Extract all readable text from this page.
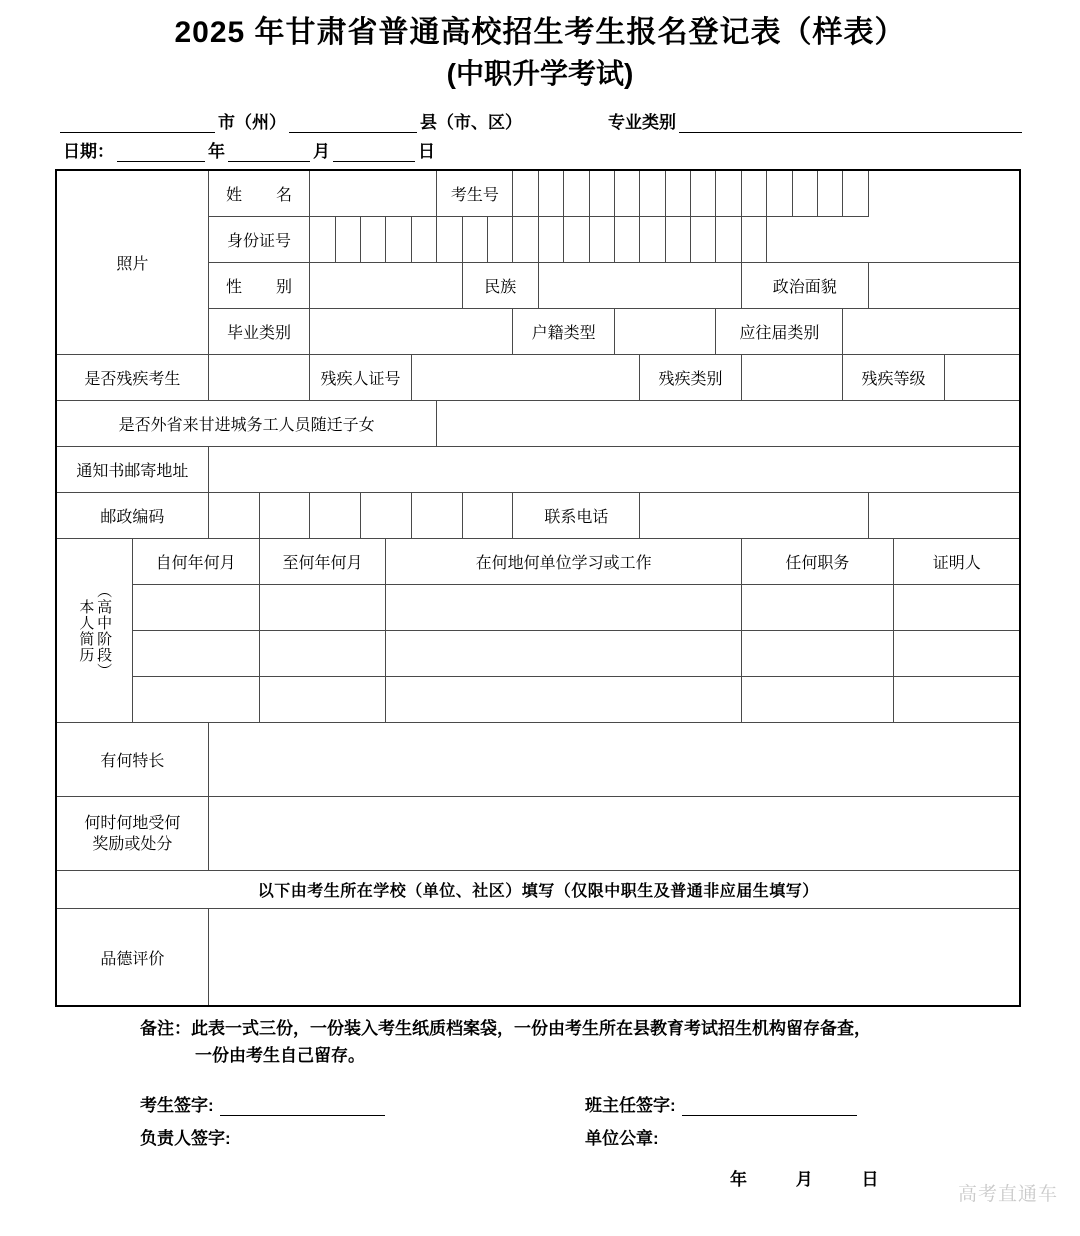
2025 年甘肃省普通高校招生考生报名登记表（样表）
(中职升学考试)
市（州）	县（市、区）	专业类别
日期：	年	月	日
照片		姓　名							考生号																			
		身份证号																										
		性　别								民族											政治面貌							
		毕业类别										户籍类型								应往届类别								
是否残疾考生				残疾人证号													残疾类别								残疾等级			
是否外省来甘进城务工人员随迁子女																												
通知书邮寄地址																												
邮政编码												联系电话																

（高中阶段）
本人简历	自何年何月		至何年何月				在何地何单位学习或工作														任何职务						证明人	

有何特长																												

何时何地受何
奖励或处分																												

以下由考生所在学校（单位、社区）填写（仅限中职生及普通非应届生填写）																												
品德评价																												
备注：此表一式三份，一份装入考生纸质档案袋，一份由考生所在县教育考试招生机构留存备查，
一份由考生自己留存。
考生签字:	班主任签字:
负责人签字:	单位公章:
年	月	日
高考直通车
